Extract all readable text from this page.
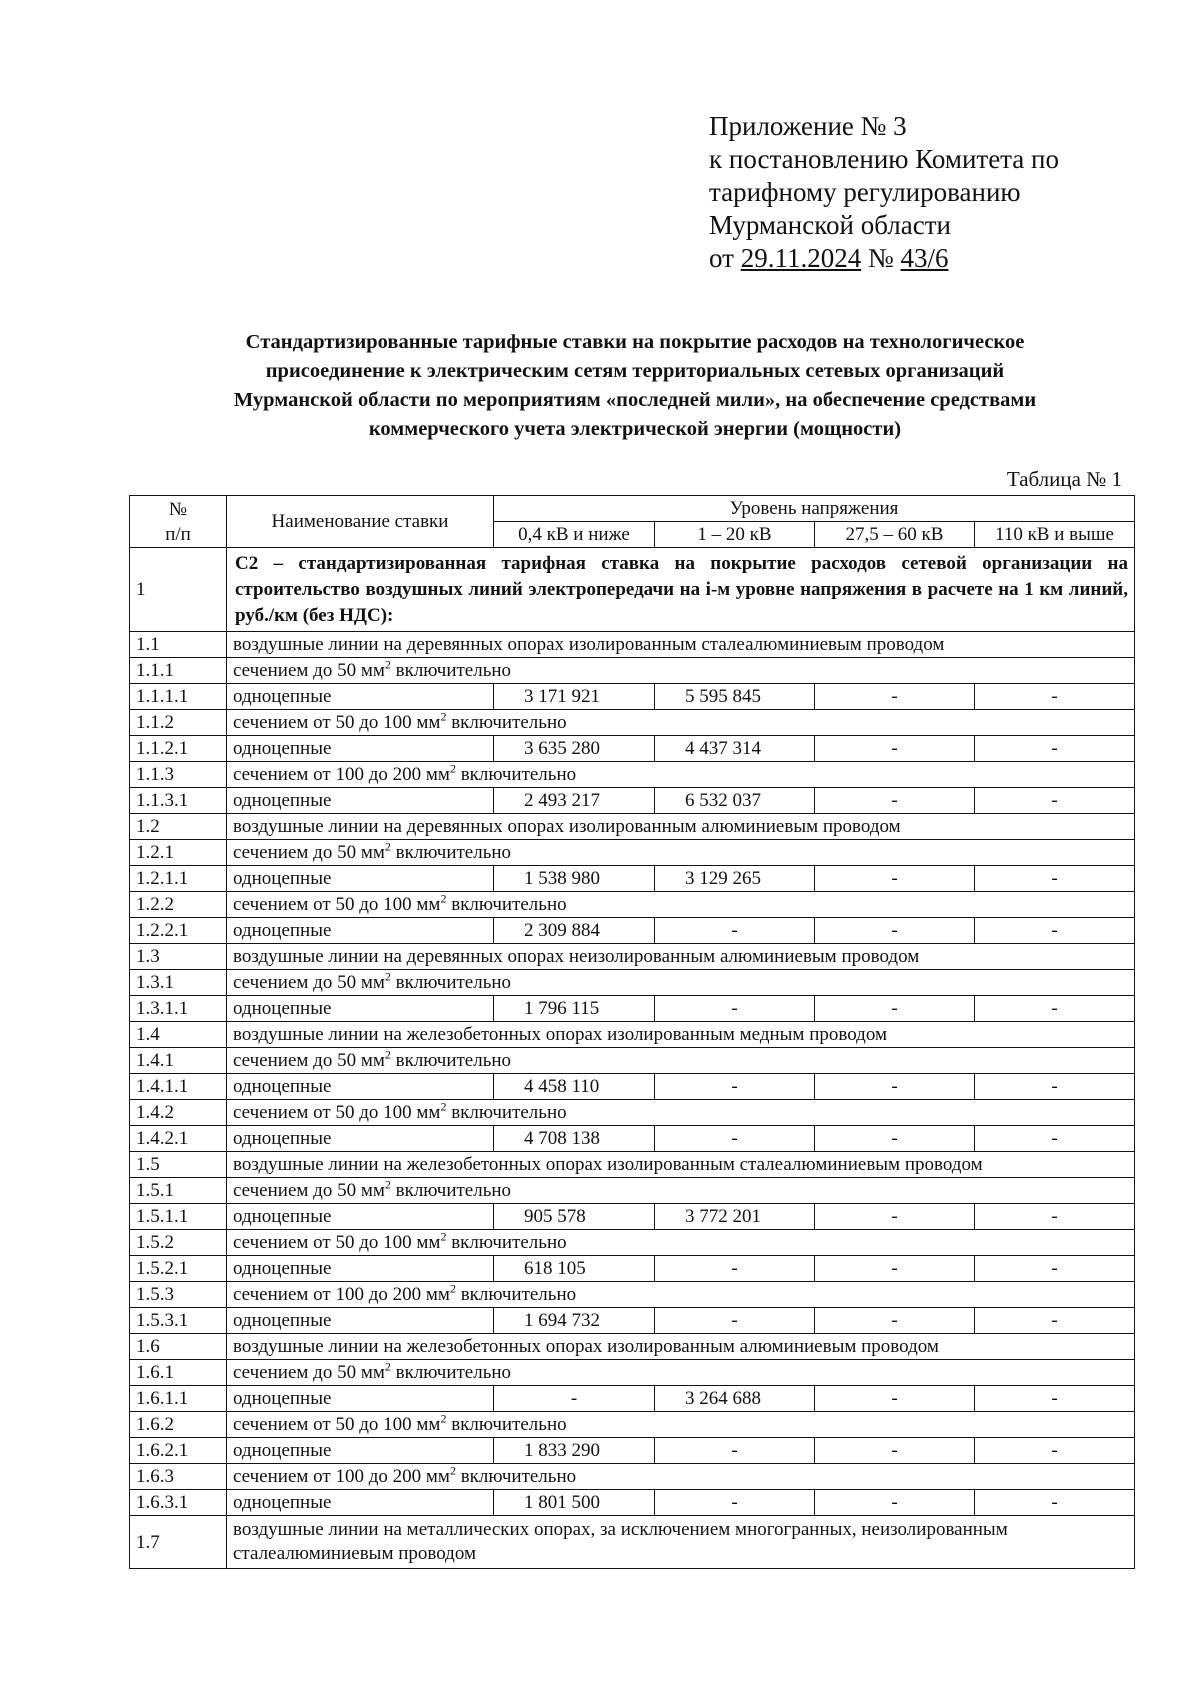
Приложение № 3
к постановлению Комитета по
тарифному регулированию
Мурманской области
от 29.11.2024 № 43/6
Стандартизированные тарифные ставки на покрытие расходов на технологическое
присоединение к электрическим сетям территориальных сетевых организаций
Мурманской области по мероприятиям «последней мили», на обеспечение средствами
коммерческого учета электрической энергии (мощности)
Таблица № 1
№
п/п	Наименование ставки	Уровень напряжения			
		0,4 кВ и ниже	1 – 20 кВ	27,5 – 60 кВ	110 кВ и выше
1	С2 – стандартизированная тарифная ставка на покрытие расходов сетевой организации на строительство воздушных линий электропередачи на i-м уровне напряжения в расчете на 1 км линий, руб./км (без НДС):				
1.1	воздушные линии на деревянных опорах изолированным сталеалюминиевым проводом				
1.1.1	сечением до 50 $мм^2$ включительно				
1.1.1.1	одноцепные	3 171 921	5 595 845	-	-
1.1.2	сечением от 50 до 100 $мм^2$ включительно				
1.1.2.1	одноцепные	3 635 280	4 437 314	-	-
1.1.3	сечением от 100 до 200 $мм^2$ включительно				
1.1.3.1	одноцепные	2 493 217	6 532 037	-	-
1.2	воздушные линии на деревянных опорах изолированным алюминиевым проводом				
1.2.1	сечением до 50 $мм^2$ включительно				
1.2.1.1	одноцепные	1 538 980	3 129 265	-	-
1.2.2	сечением от 50 до 100 $мм^2$ включительно				
1.2.2.1	одноцепные	2 309 884	-	-	-
1.3	воздушные линии на деревянных опорах неизолированным алюминиевым проводом				
1.3.1	сечением до 50 $мм^2$ включительно				
1.3.1.1	одноцепные	1 796 115	-	-	-
1.4	воздушные линии на железобетонных опорах изолированным медным проводом				
1.4.1	сечением до 50 $мм^2$ включительно				
1.4.1.1	одноцепные	4 458 110	-	-	-
1.4.2	сечением от 50 до 100 $мм^2$ включительно				
1.4.2.1	одноцепные	4 708 138	-	-	-
1.5	воздушные линии на железобетонных опорах изолированным сталеалюминиевым проводом				
1.5.1	сечением до 50 $мм^2$ включительно				
1.5.1.1	одноцепные	905 578	3 772 201	-	-
1.5.2	сечением от 50 до 100 $мм^2$ включительно				
1.5.2.1	одноцепные	618 105	-	-	-
1.5.3	сечением от 100 до 200 $мм^2$ включительно				
1.5.3.1	одноцепные	1 694 732	-	-	-
1.6	воздушные линии на железобетонных опорах изолированным алюминиевым проводом				
1.6.1	сечением до 50 $мм^2$ включительно				
1.6.1.1	одноцепные	-	3 264 688	-	-
1.6.2	сечением от 50 до 100 $мм^2$ включительно				
1.6.2.1	одноцепные	1 833 290	-	-	-
1.6.3	сечением от 100 до 200 $мм^2$ включительно				
1.6.3.1	одноцепные	1 801 500	-	-	-
1.7	воздушные линии на металлических опорах, за исключением многогранных, неизолированным сталеалюминиевым проводом				
